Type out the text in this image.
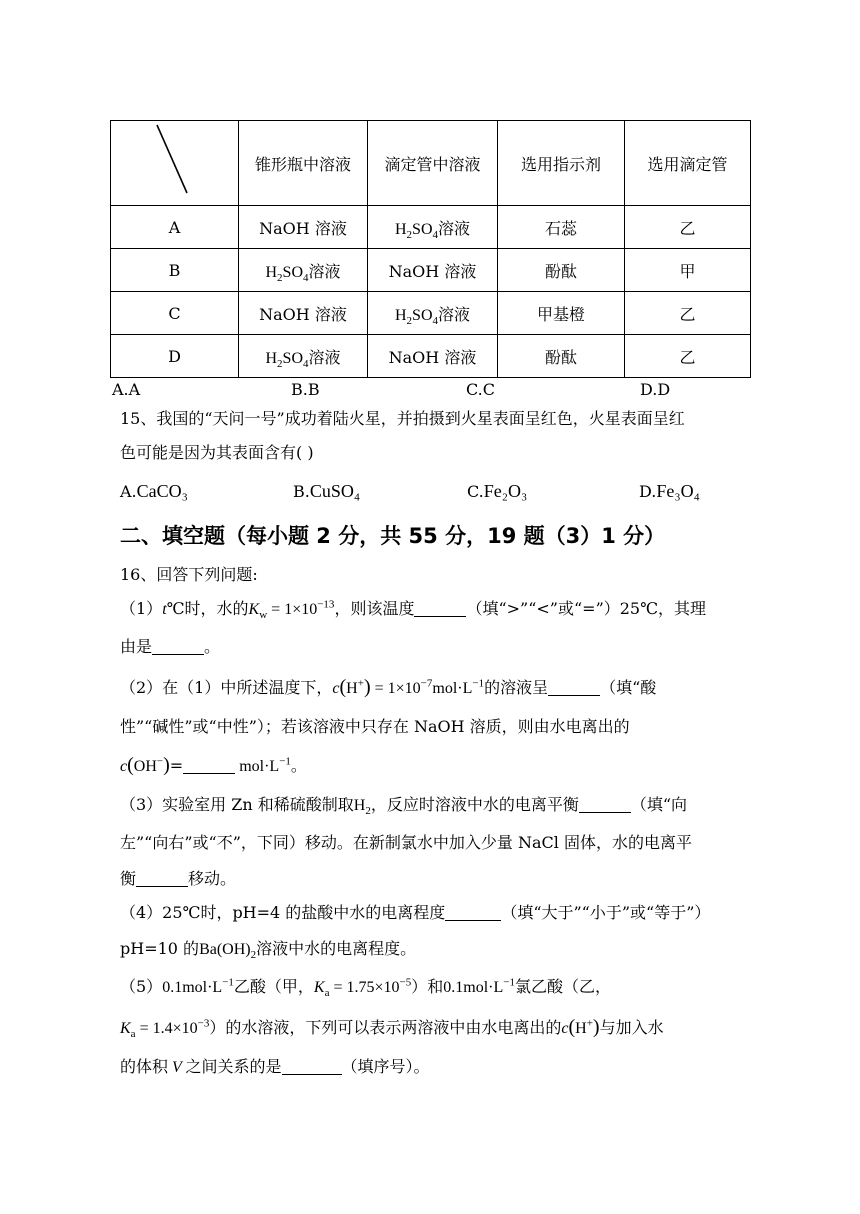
	锥形瓶中溶液	滴定管中溶液	选用指示剂	选用滴定管
A	NaOH 溶液	$H_2SO_4$溶液	石蕊	乙
B	$H_2SO_4$溶液	NaOH 溶液	酚酞	甲
C	NaOH 溶液	$H_2SO_4$溶液	甲基橙	乙
D	$H_2SO_4$溶液	NaOH 溶液	酚酞	乙
A.A	B.B	C.C	D.D
15、我国的“天问一号”成功着陆火星，并拍摄到火星表面呈红色，火星表面呈红
色可能是因为其表面含有( )
A.CaCO₃	B.CuSO₄	C.Fe₂O₃	D.Fe₃O₄
二、填空题（每小题 2 分，共 55 分，19 题（3）1 分）
16、回答下列问题:
（1）t℃时，水的$K_w = 1\times 10^{-13}$，则该温度	（填“>”“<”或“=”）25℃，其理
由是	。
（2）在（1）中所述温度下，$c(H^+) = 1\times 10^{-7}mol\cdot L^{-1}$的溶液呈	（填“酸
性”“碱性”或“中性”）；若该溶液中只存在 NaOH 溶质，则由水电离出的
c(OH−)=	$mol\cdot L^{-1}$。
（3）实验室用 Zn 和稀硫酸制取$H_2$，反应时溶液中水的电离平衡	（填“向
左”“向右”或“不”，下同）移动。在新制氯水中加入少量 NaCl 固体，水的电离平
衡	移动。
（4）25℃时，pH=4 的盐酸中水的电离程度	（填“大于”“小于”或“等于”）
pH=10 的$Ba(OH)_2$溶液中水的电离程度。
$(5)0.1mol\cdot L^{-1}$乙酸（甲，$K_a = 1.75\times 10^{-5}$）和$0.1mol\cdot L^{-1}$氯乙酸（乙，
$K_a = 1.4\times 10^{-3}$）的水溶液，下列可以表示两溶液中由水电离出的c(H+)与加入水
的体积 V 之间关系的是	（填序号）。
